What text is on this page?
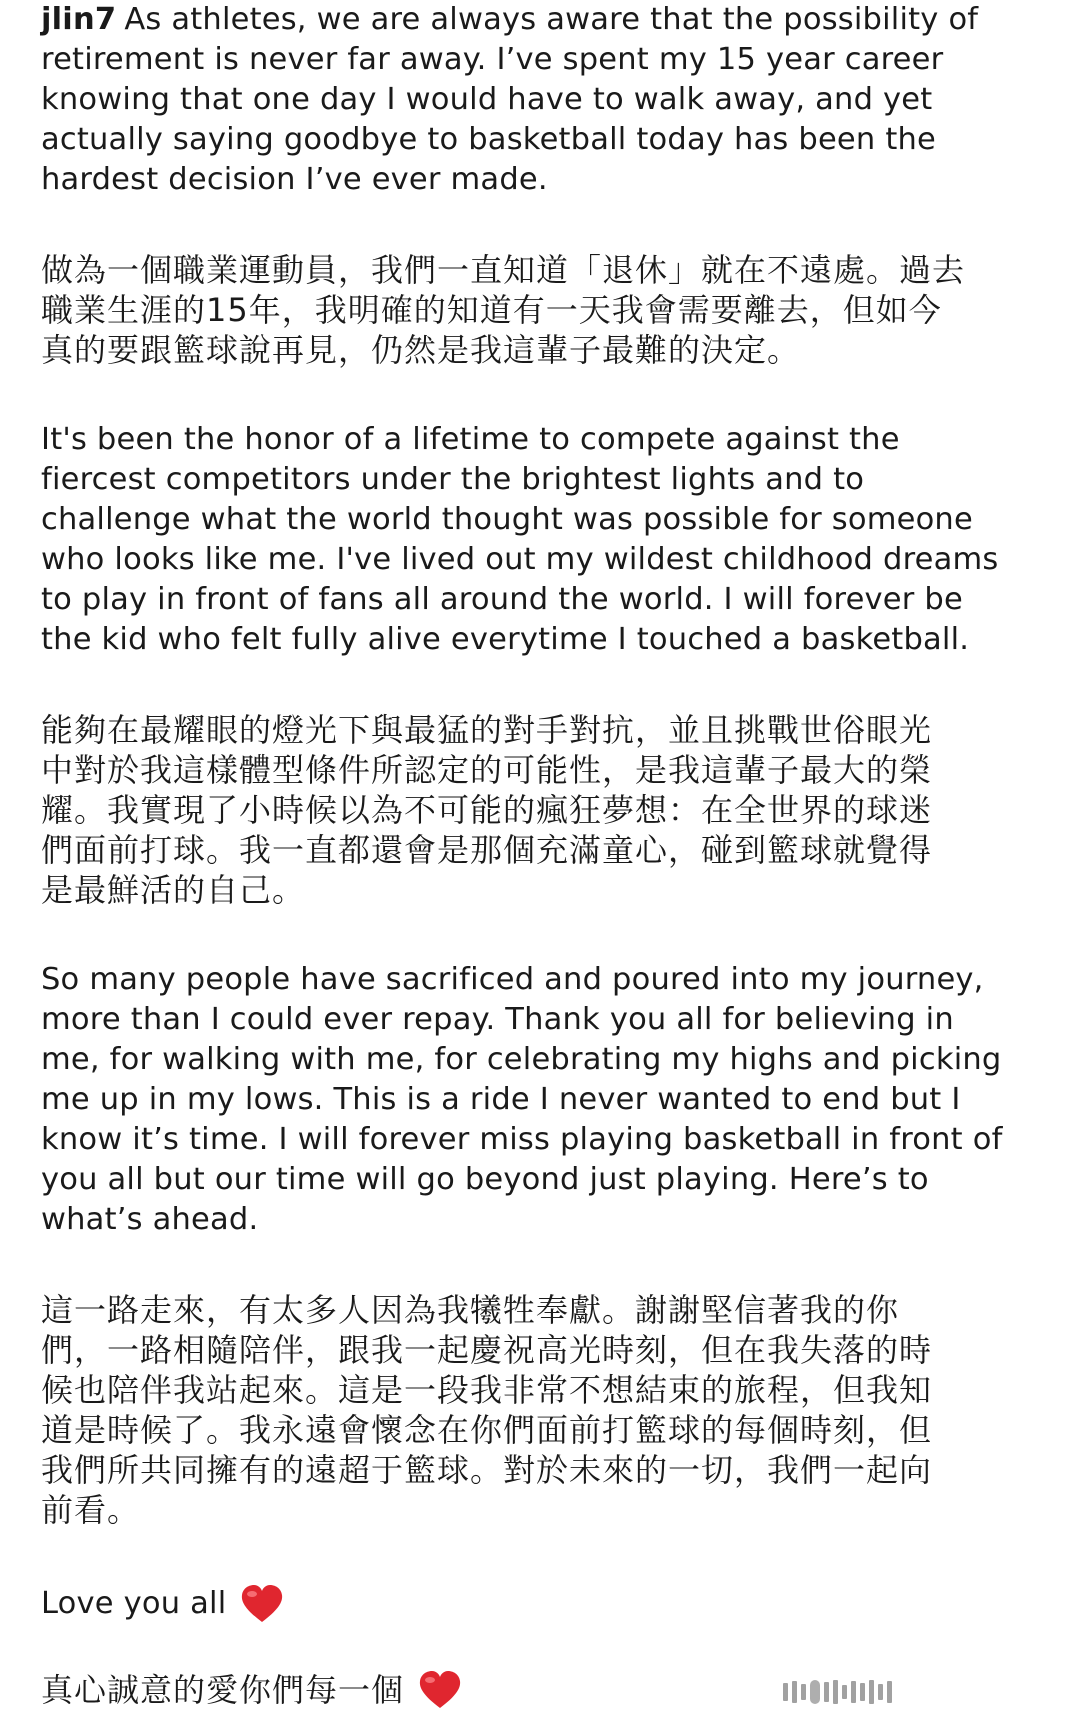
jlin7 As athletes, we are always aware that the possibility of
retirement is never far away. I’ve spent my 15 year career
knowing that one day I would have to walk away, and yet
actually saying goodbye to basketball today has been the
hardest decision I’ve ever made.
做為一個職業運動員，我們一直知道「退休」就在不遠處。過去
職業生涯的15年，我明確的知道有一天我會需要離去，但如今
真的要跟籃球說再見，仍然是我這輩子最難的決定。
It's been the honor of a lifetime to compete against the
fiercest competitors under the brightest lights and to
challenge what the world thought was possible for someone
who looks like me. I've lived out my wildest childhood dreams
to play in front of fans all around the world. I will forever be
the kid who felt fully alive everytime I touched a basketball.
能夠在最耀眼的燈光下與最猛的對手對抗，並且挑戰世俗眼光
中對於我這樣體型條件所認定的可能性，是我這輩子最大的榮
耀。我實現了小時候以為不可能的瘋狂夢想：在全世界的球迷
們面前打球。我一直都還會是那個充滿童心，碰到籃球就覺得
是最鮮活的自己。
So many people have sacrificed and poured into my journey,
more than I could ever repay. Thank you all for believing in
me, for walking with me, for celebrating my highs and picking
me up in my lows. This is a ride I never wanted to end but I
know it’s time. I will forever miss playing basketball in front of
you all but our time will go beyond just playing. Here’s to
what’s ahead.
這一路走來，有太多人因為我犧牲奉獻。謝謝堅信著我的你
們，一路相隨陪伴，跟我一起慶祝高光時刻，但在我失落的時
候也陪伴我站起來。這是一段我非常不想結束的旅程，但我知
道是時候了。我永遠會懷念在你們面前打籃球的每個時刻，但
我們所共同擁有的遠超于籃球。對於未來的一切，我們一起向
前看。
Love you all
真心誠意的愛你們每一個
